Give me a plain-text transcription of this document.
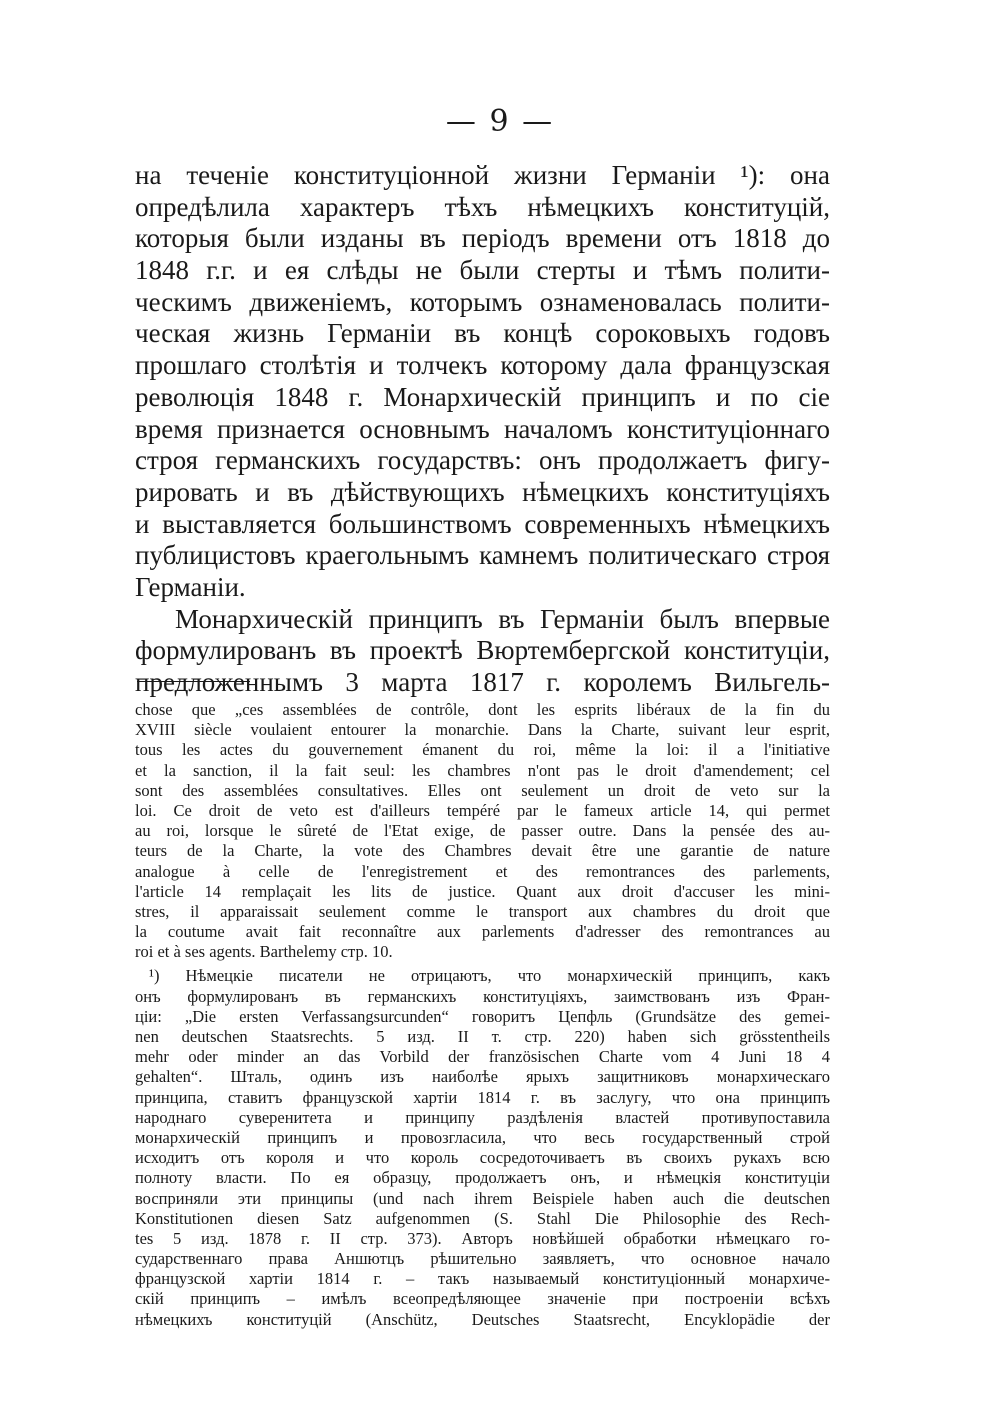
— 9 —
на теченіе конституціонной жизни Германіи ¹): она
опредѣлила характеръ тѣхъ нѣмецкихъ конституцій,
которыя были изданы въ періодъ времени отъ 1818 до
1848 г.г. и ея слѣды не были стерты и тѣмъ полити-
ческимъ движеніемъ, которымъ ознаменовалась полити-
ческая жизнь Германіи въ концѣ сороковыхъ годовъ
прошлаго столѣтія и толчекъ которому дала французская
революція 1848 г. Монархическій принципъ и по сіе
время признается основнымъ началомъ конституціоннаго
строя германскихъ государствъ: онъ продолжаетъ фигу-
рировать и въ дѣйствующихъ нѣмецкихъ конституціяхъ
и выставляется большинствомъ современныхъ нѣмецкихъ
публицистовъ краегольнымъ камнемъ политическаго строя
Германіи.
Монархическій принципъ въ Германіи былъ впервые
формулированъ въ проектѣ Вюртембергской конституціи,
предложеннымъ 3 марта 1817 г. королемъ Вильгель-
chose que „ces assemblées de contrôle, dont les esprits libéraux de la fin du
XVIII siècle voulaient entourer la monarchie. Dans la Charte, suivant leur esprit,
tous les actes du gouvernement émanent du roi, même la loi: il a l'initiative
et la sanction, il la fait seul: les chambres n'ont pas le droit d'amendement; cel
sont des assemblées consultatives. Elles ont seulement un droit de veto sur la
loi. Ce droit de veto est d'ailleurs tempéré par le fameux article 14, qui permet
au roi, lorsque le sûreté de l'Etat exige, de passer outre. Dans la pensée des au-
teurs de la Charte, la vote des Chambres devait être une garantie de nature
analogue à celle de l'enregistrement et des remontrances des parlements,
l'article 14 remplaçait les lits de justice. Quant aux droit d'accuser les mini-
stres, il apparaissait seulement comme le transport aux chambres du droit que
la coutume avait fait reconnaître aux parlements d'adresser des remontrances au
roi et à ses agents. Barthelemy стр. 10.
¹) Нѣмецкіе писатели не отрицаютъ, что монархическій принципъ, какъ
онъ формулированъ въ германскихъ конституціяхъ, заимствованъ изъ Фран-
ціи: „Die ersten Verfassangsurcunden“ говоритъ Цепфль (Grundsätze des gemei-
nen deutschen Staatsrechts. 5 изд. II т. стр. 220) haben sich grösstentheils
mehr oder minder an das Vorbild der französischen Charte vom 4 Juni 18 4
gehalten“. Шталь, одинъ изъ наиболѣе ярыхъ защитниковъ монархическаго
принципа, ставитъ французской хартіи 1814 г. въ заслугу, что она принципъ
народнаго суверенитета и принципу раздѣленія властей противупоставила
монархическій принципъ и провозгласила, что весь государственный строй
исходитъ отъ короля и что король сосредоточиваетъ въ своихъ рукахъ всю
полноту власти. По ея образцу, продолжаетъ онъ, и нѣмецкія конституціи
восприняли эти принципы (und nach ihrem Beispiele haben auch die deutschen
Konstitutionen diesen Satz aufgenommen (S. Stahl Die Philosophie des Rech-
tes 5 изд. 1878 г. II стр. 373). Авторъ новѣйшей обработки нѣмецкаго го-
сударственнаго права Аншютцъ рѣшительно заявляетъ, что основное начало
французской хартіи 1814 г. – такъ называемый конституціонный монархиче-
скій принципъ – имѣлъ всеопредѣляющее значеніе при построеніи всѣхъ
нѣмецкихъ конституцій (Anschütz, Deutsches Staatsrecht, Encyklopädie der
